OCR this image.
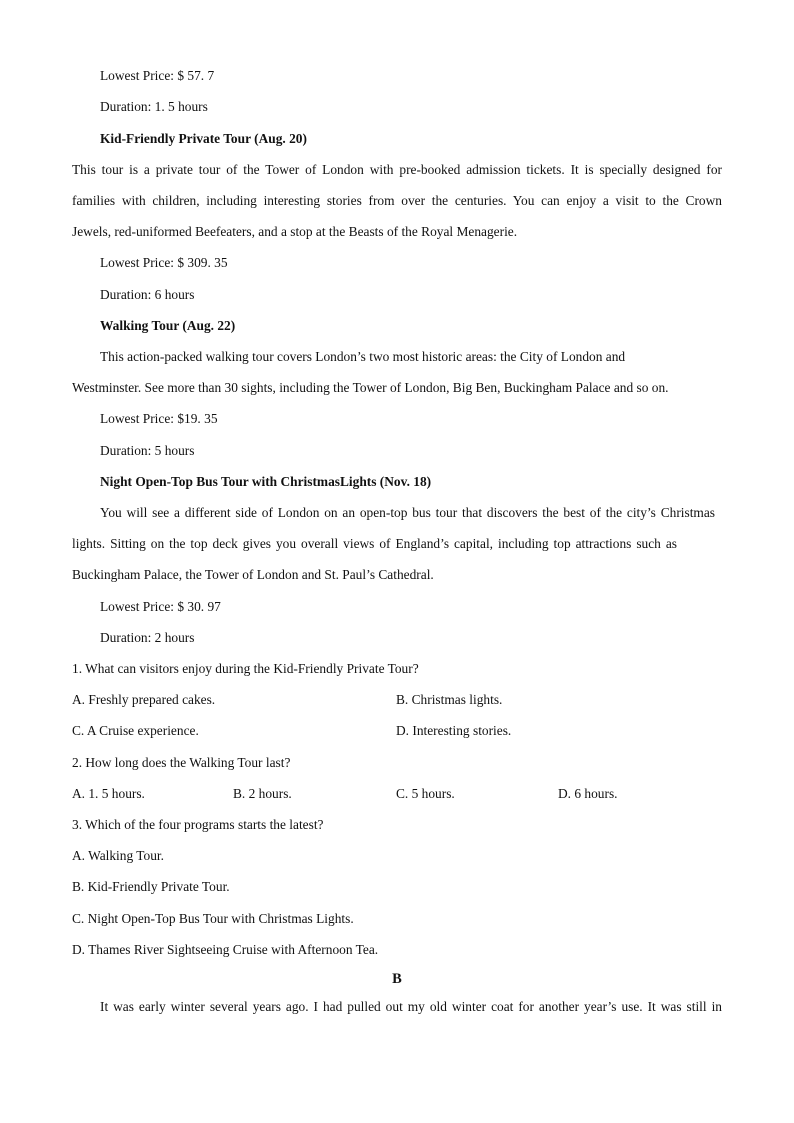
Lowest Price: $ 57. 7
Duration: 1. 5 hours
Kid-Friendly Private Tour (Aug. 20)
This tour is a private tour of the Tower of London with pre-booked admission tickets. It is specially designed for
families with children, including interesting stories from over the centuries. You can enjoy a visit to the Crown
Jewels, red-uniformed Beefeaters, and a stop at the Beasts of the Royal Menagerie.
Lowest Price: $ 309. 35
Duration: 6 hours
Walking Tour (Aug. 22)
This action-packed walking tour covers London’s two most historic areas: the City of London and
Westminster. See more than 30 sights, including the Tower of London, Big Ben, Buckingham Palace and so on.
Lowest Price: $19. 35
Duration: 5 hours
Night Open-Top Bus Tour with ChristmasLights (Nov. 18)
You will see a different side of London on an open-top bus tour that discovers the best of the city’s Christmas
lights. Sitting on the top deck gives you overall views of England’s capital, including top attractions such as
Buckingham Palace, the Tower of London and St. Paul’s Cathedral.
Lowest Price: $ 30. 97
Duration: 2 hours
1. What can visitors enjoy during the Kid-Friendly Private Tour?
A. Freshly prepared cakes.	B. Christmas lights.
C. A Cruise experience.	D. Interesting stories.
2. How long does the Walking Tour last?
A. 1. 5 hours.	B. 2 hours.	C. 5 hours.	D. 6 hours.
3. Which of the four programs starts the latest?
A. Walking Tour.
B. Kid-Friendly Private Tour.
C. Night Open-Top Bus Tour with Christmas Lights.
D. Thames River Sightseeing Cruise with Afternoon Tea.
B
It was early winter several years ago. I had pulled out my old winter coat for another year’s use. It was still in
